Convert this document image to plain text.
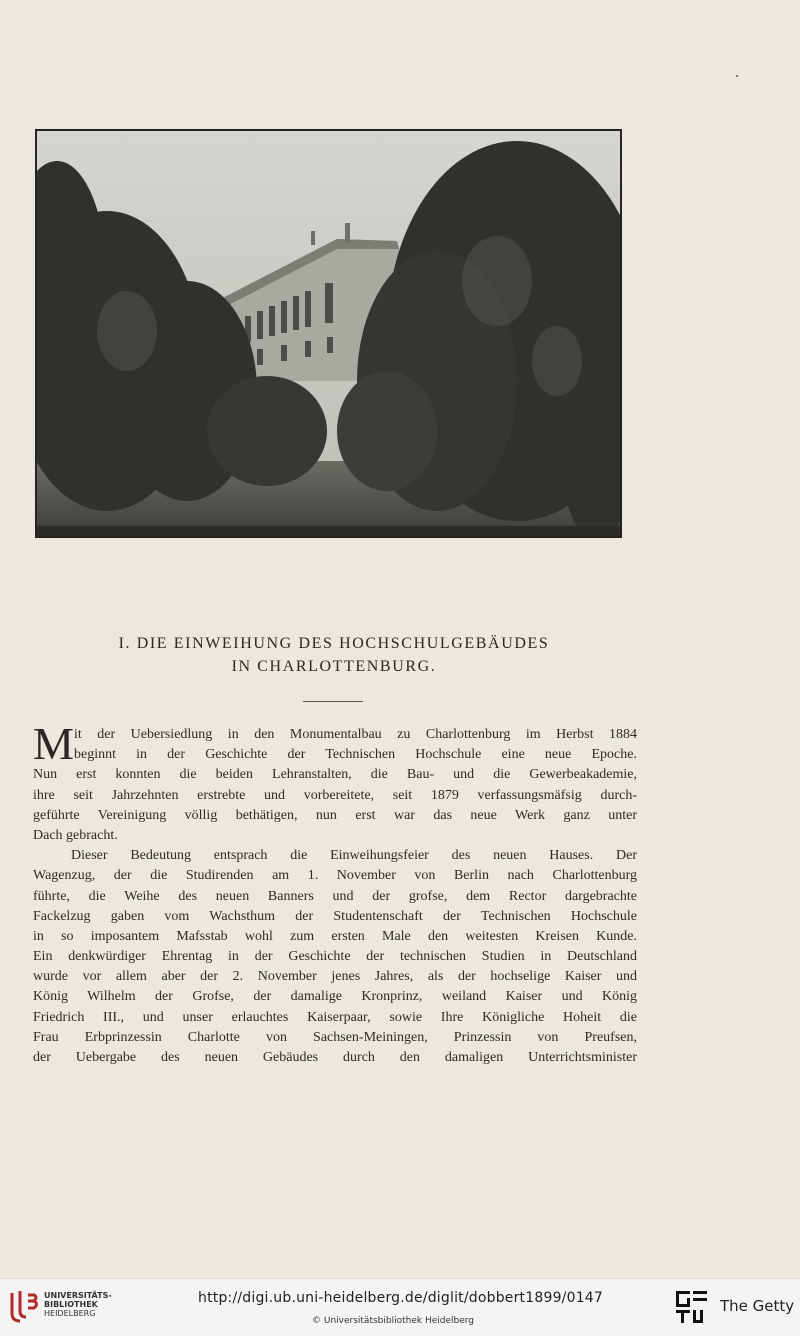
I. DIE EINWEIHUNG DES HOCHSCHULGEBÄUDES
IN CHARLOTTENBURG.
M it der Uebersiedlung in den Monumentalbau zu Charlottenburg im Herbst 1884
beginnt in der Geschichte der Technischen Hochschule eine neue Epoche.
Nun erst konnten die beiden Lehranstalten, die Bau- und die Gewerbeakademie,
ihre seit Jahrzehnten erstrebte und vorbereitete, seit 1879 verfassungsmäfsig durch-
geführte Vereinigung völlig bethätigen, nun erst war das neue Werk ganz unter
Dach gebracht.
Dieser Bedeutung entsprach die Einweihungsfeier des neuen Hauses. Der
Wagenzug, der die Studirenden am 1. November von Berlin nach Charlottenburg
führte, die Weihe des neuen Banners und der grofse, dem Rector dargebrachte
Fackelzug gaben vom Wachsthum der Studentenschaft der Technischen Hochschule
in so imposantem Mafsstab wohl zum ersten Male den weitesten Kreisen Kunde.
Ein denkwürdiger Ehrentag in der Geschichte der technischen Studien in Deutschland
wurde vor allem aber der 2. November jenes Jahres, als der hochselige Kaiser und
König Wilhelm der Grofse, der damalige Kronprinz, weiland Kaiser und König
Friedrich III., und unser erlauchtes Kaiserpaar, sowie Ihre Königliche Hoheit die
Frau Erbprinzessin Charlotte von Sachsen-Meiningen, Prinzessin von Preufsen,
der Uebergabe des neuen Gebäudes durch den damaligen Unterrichtsminister
UNIVERSITÄTS-
BIBLIOTHEK
HEIDELBERG
http://digi.ub.uni-heidelberg.de/diglit/dobbert1899/0147
© Universitätsbibliothek Heidelberg
The Getty
